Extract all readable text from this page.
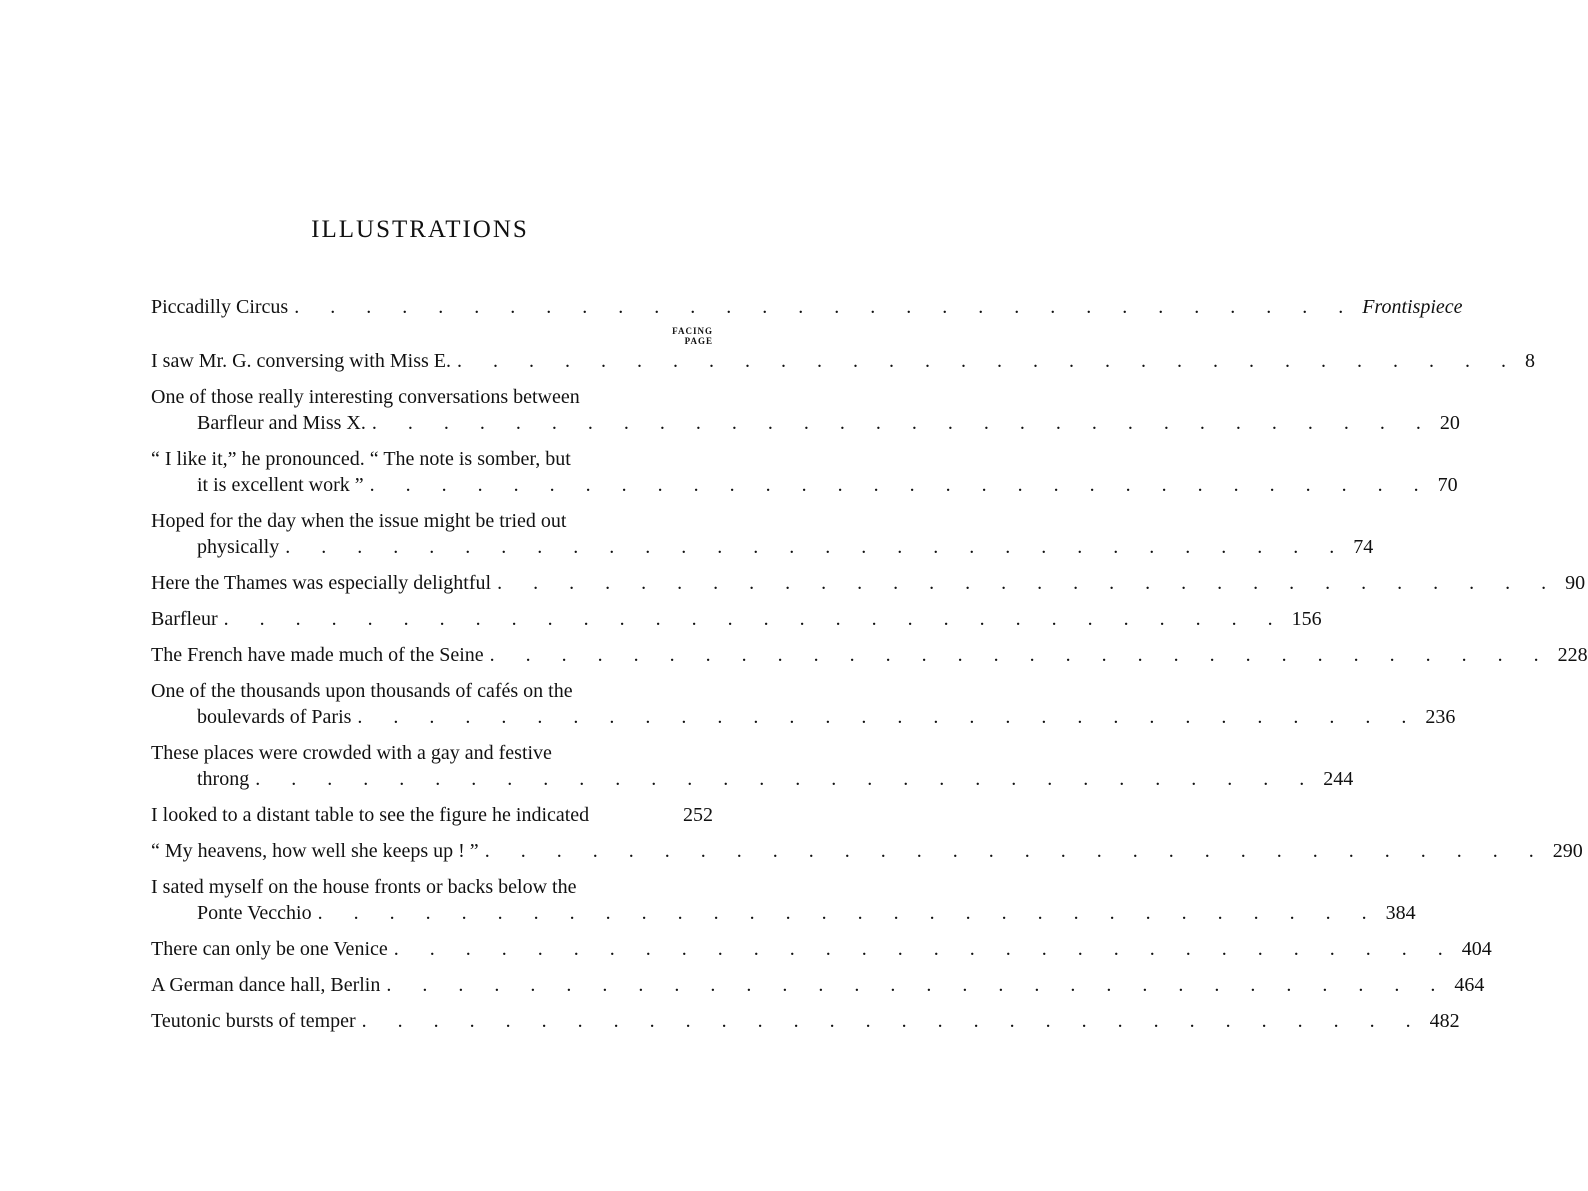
ILLUSTRATIONS
Piccadilly Circus . . . . . . . . . . . . . . . . . . . . . . . . . . . . . . Frontispiece
FACING
PAGE
I saw Mr. G. conversing with Miss E. . . . . . . . . . . . . . . . . . . . . . . . . . . . . . . 8
One of those really interesting conversations between
Barfleur and Miss X. . . . . . . . . . . . . . . . . . . . . . . . . . . . . . . 20
“ I like it,” he pronounced. “ The note is somber, but
it is excellent work ” . . . . . . . . . . . . . . . . . . . . . . . . . . . . . . 70
Hoped for the day when the issue might be tried out
physically . . . . . . . . . . . . . . . . . . . . . . . . . . . . . . 74
Here the Thames was especially delightful . . . . . . . . . . . . . . . . . . . . . . . . . . . . . . 90
Barfleur . . . . . . . . . . . . . . . . . . . . . . . . . . . . . . 156
The French have made much of the Seine . . . . . . . . . . . . . . . . . . . . . . . . . . . . . . 228
One of the thousands upon thousands of cafés on the
boulevards of Paris . . . . . . . . . . . . . . . . . . . . . . . . . . . . . . 236
These places were crowded with a gay and festive
throng . . . . . . . . . . . . . . . . . . . . . . . . . . . . . . 244
I looked to a distant table to see the figure he indicated	252
“ My heavens, how well she keeps up ! ” . . . . . . . . . . . . . . . . . . . . . . . . . . . . . . 290
I sated myself on the house fronts or backs below the
Ponte Vecchio . . . . . . . . . . . . . . . . . . . . . . . . . . . . . . 384
There can only be one Venice . . . . . . . . . . . . . . . . . . . . . . . . . . . . . . 404
A German dance hall, Berlin . . . . . . . . . . . . . . . . . . . . . . . . . . . . . . 464
Teutonic bursts of temper . . . . . . . . . . . . . . . . . . . . . . . . . . . . . . 482
